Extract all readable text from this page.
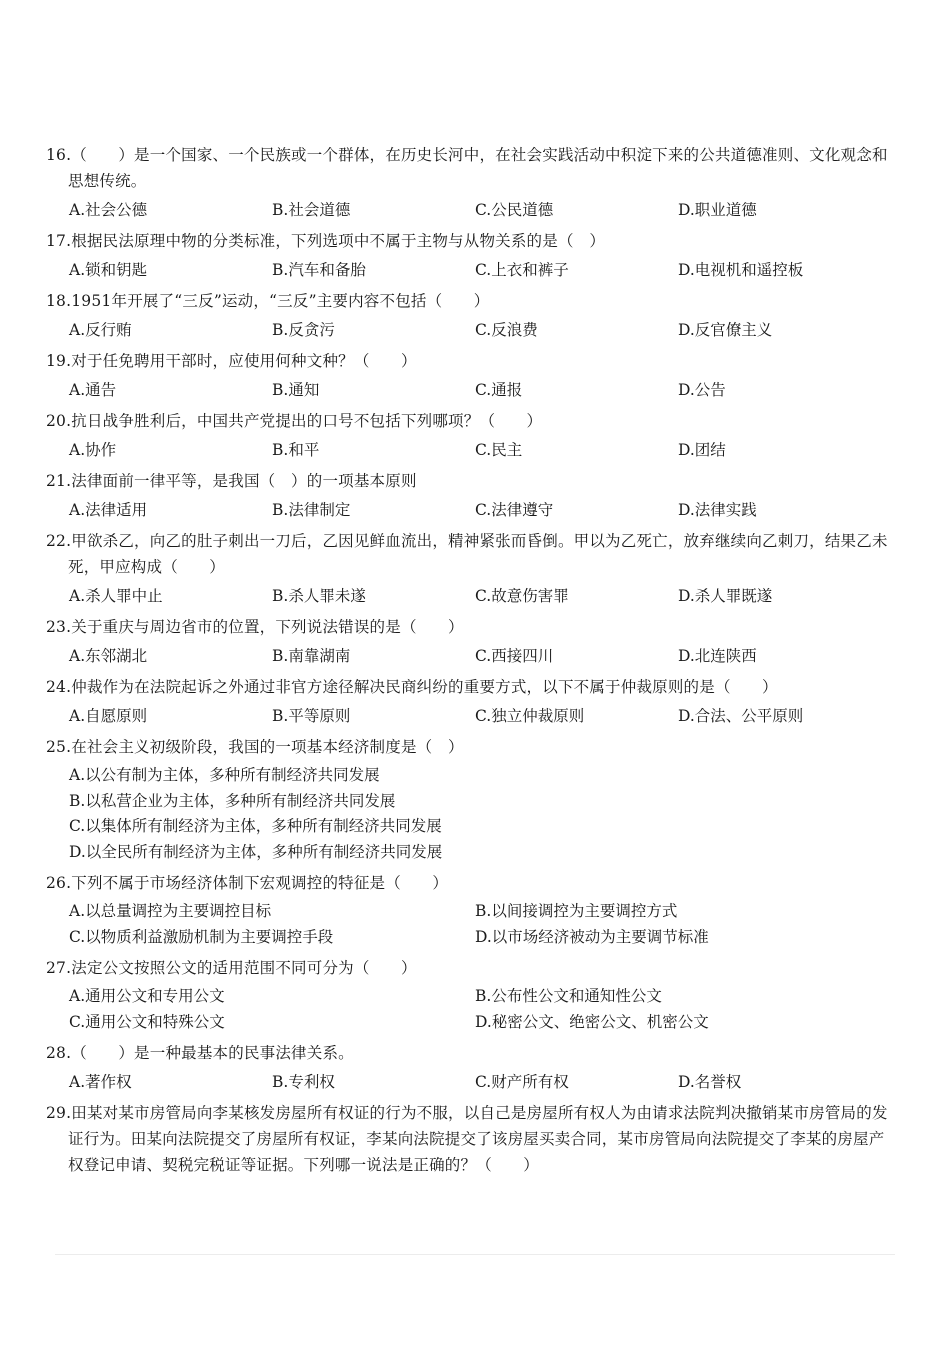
16.（　　）是一个国家、一个民族或一个群体，在历史长河中，在社会实践活动中积淀下来的公共道德准则、文化观念和思想传统。
A.社会公德	B.社会道德	C.公民道德	D.职业道德
17.根据民法原理中物的分类标准，下列选项中不属于主物与从物关系的是（　）
A.锁和钥匙	B.汽车和备胎	C.上衣和裤子	D.电视机和遥控板
18.1951年开展了“三反”运动，“三反”主要内容不包括（　　）
A.反行贿	B.反贪污	C.反浪费	D.反官僚主义
19.对于任免聘用干部时，应使用何种文种？（　　）
A.通告	B.通知	C.通报	D.公告
20.抗日战争胜利后，中国共产党提出的口号不包括下列哪项？（　　）
A.协作	B.和平	C.民主	D.团结
21.法律面前一律平等，是我国（　）的一项基本原则
A.法律适用	B.法律制定	C.法律遵守	D.法律实践
22.甲欲杀乙，向乙的肚子刺出一刀后，乙因见鲜血流出，精神紧张而昏倒。甲以为乙死亡，放弃继续向乙刺刀，结果乙未死，甲应构成（　　）
A.杀人罪中止	B.杀人罪未遂	C.故意伤害罪	D.杀人罪既遂
23.关于重庆与周边省市的位置，下列说法错误的是（　　）
A.东邻湖北	B.南靠湖南	C.西接四川	D.北连陕西
24.仲裁作为在法院起诉之外通过非官方途径解决民商纠纷的重要方式，以下不属于仲裁原则的是（　　）
A.自愿原则	B.平等原则	C.独立仲裁原则	D.合法、公平原则
25.在社会主义初级阶段，我国的一项基本经济制度是（　）
A.以公有制为主体，多种所有制经济共同发展
B.以私营企业为主体，多种所有制经济共同发展
C.以集体所有制经济为主体，多种所有制经济共同发展
D.以全民所有制经济为主体，多种所有制经济共同发展
26.下列不属于市场经济体制下宏观调控的特征是（　　）
A.以总量调控为主要调控目标	B.以间接调控为主要调控方式
C.以物质利益激励机制为主要调控手段	D.以市场经济被动为主要调节标准
27.法定公文按照公文的适用范围不同可分为（　　）
A.通用公文和专用公文	B.公布性公文和通知性公文
C.通用公文和特殊公文	D.秘密公文、绝密公文、机密公文
28.（　　）是一种最基本的民事法律关系。
A.著作权	B.专利权	C.财产所有权	D.名誉权
29.田某对某市房管局向李某核发房屋所有权证的行为不服，以自己是房屋所有权人为由请求法院判决撤销某市房管局的发证行为。田某向法院提交了房屋所有权证，李某向法院提交了该房屋买卖合同，某市房管局向法院提交了李某的房屋产权登记申请、契税完税证等证据。下列哪一说法是正确的？（　　）
